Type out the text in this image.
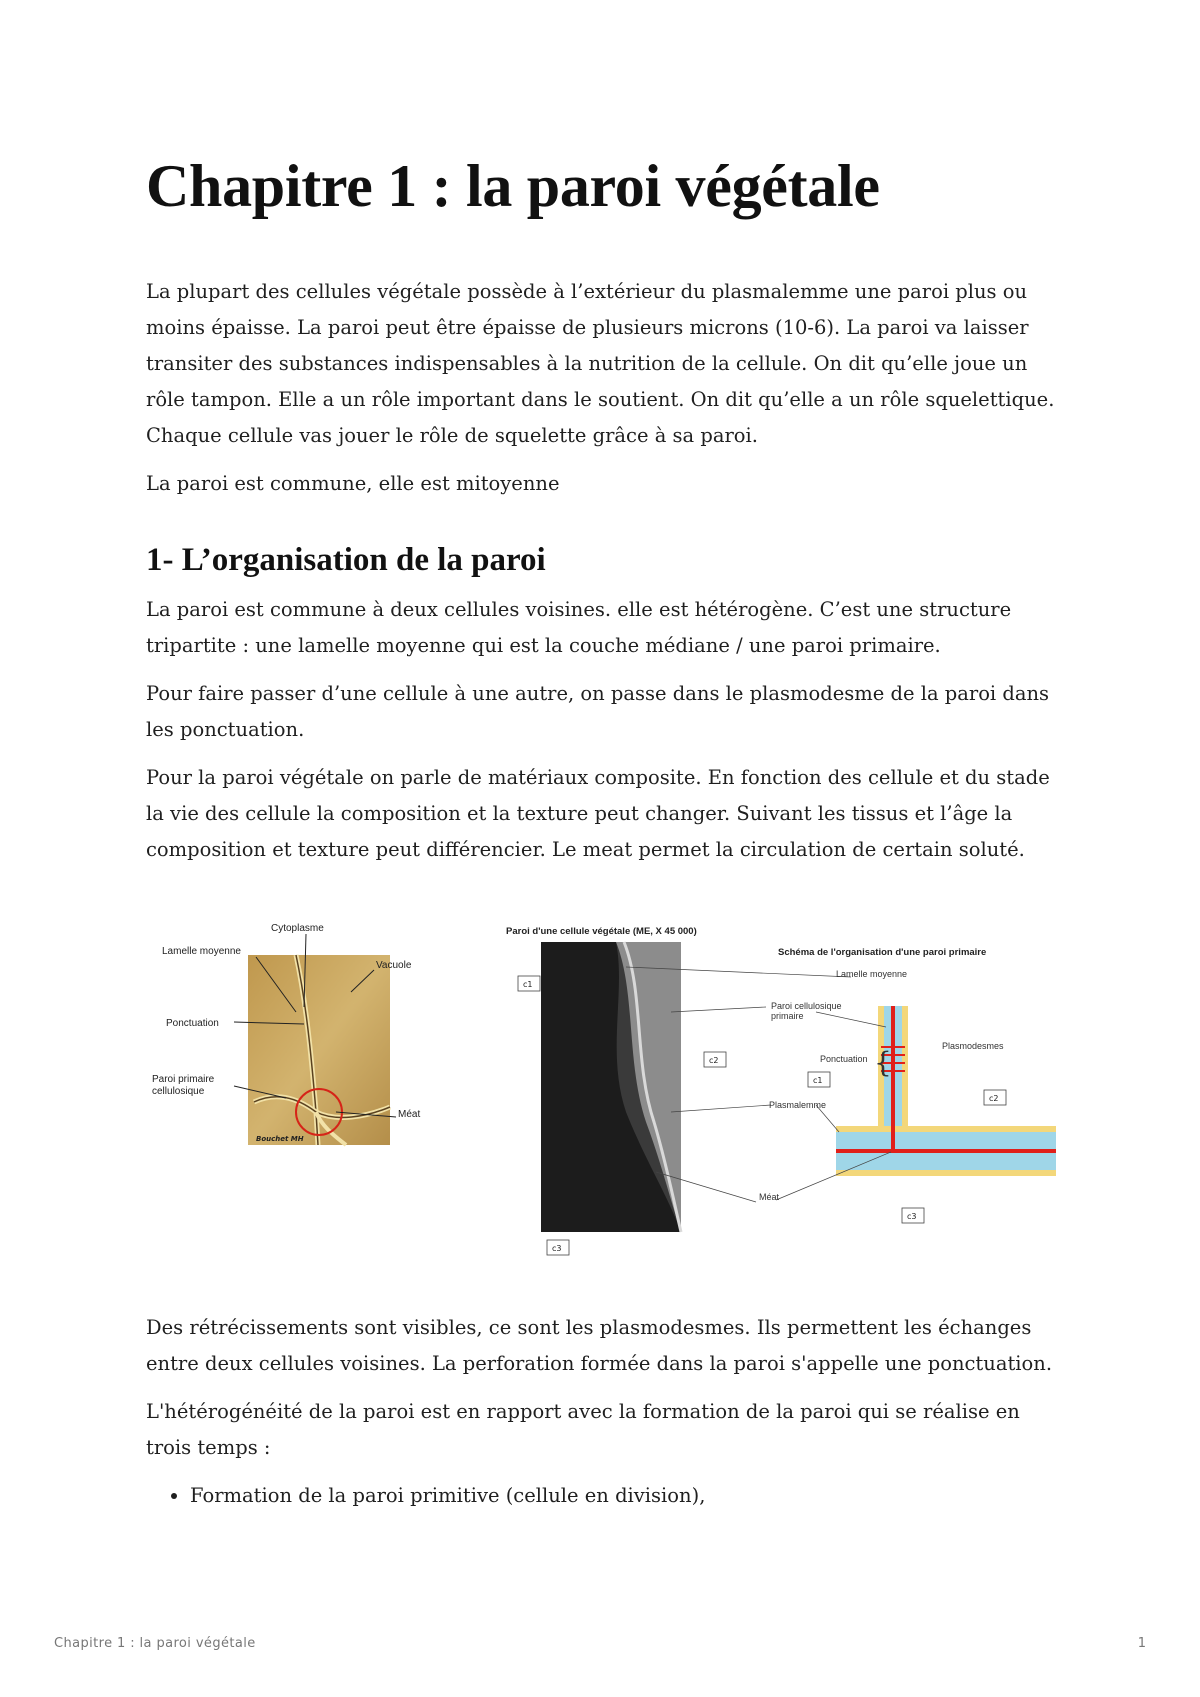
Chapitre 1 : la paroi végétale

La plupart des cellules végétale possède à l’extérieur du plasmalemme une paroi plus ou moins épaisse. La paroi peut être épaisse de plusieurs microns (10-6). La paroi va laisser transiter des substances indispensables à la nutrition de la cellule. On dit qu’elle joue un rôle tampon. Elle a un rôle important dans le soutient. On dit qu’elle a un rôle squelettique. Chaque cellule vas jouer le rôle de squelette grâce à sa paroi.

La paroi est commune, elle est mitoyenne

1- L’organisation de la paroi

La paroi est commune à deux cellules voisines. elle est hétérogène. C’est une structure tripartite : une lamelle moyenne qui est la couche médiane / une paroi primaire.

Pour faire passer d’une cellule à une autre, on passe dans le plasmodesme de la paroi dans les ponctuation.

Pour la paroi végétale on parle de matériaux composite. En fonction des cellule et du stade la vie des cellule la composition et la texture peut changer. Suivant les tissus et l’âge la composition et texture peut différencier. Le meat permet la circulation de certain soluté.

Bouchet MH
Cytoplasme
Lamelle moyenne
Vacuole
Ponctuation
Paroi primaire
cellulosique
Méat
Paroi d'une cellule végétale (ME, X 45 000)
c1
c2
c3
Schéma de l'organisation d'une paroi primaire
Lamelle moyenne
Paroi cellulosique
primaire
Ponctuation {	Plasmodesmes
Plasmalemme
Méat
c1
c2
c3

Des rétrécissements sont visibles, ce sont les plasmodesmes. Ils permettent les échanges entre deux cellules voisines. La perforation formée dans la paroi s'appelle une ponctuation.

L'hétérogénéité de la paroi est en rapport avec la formation de la paroi qui se réalise en trois temps :

• Formation de la paroi primitive (cellule en division),
Chapitre 1 : la paroi végétale	1
